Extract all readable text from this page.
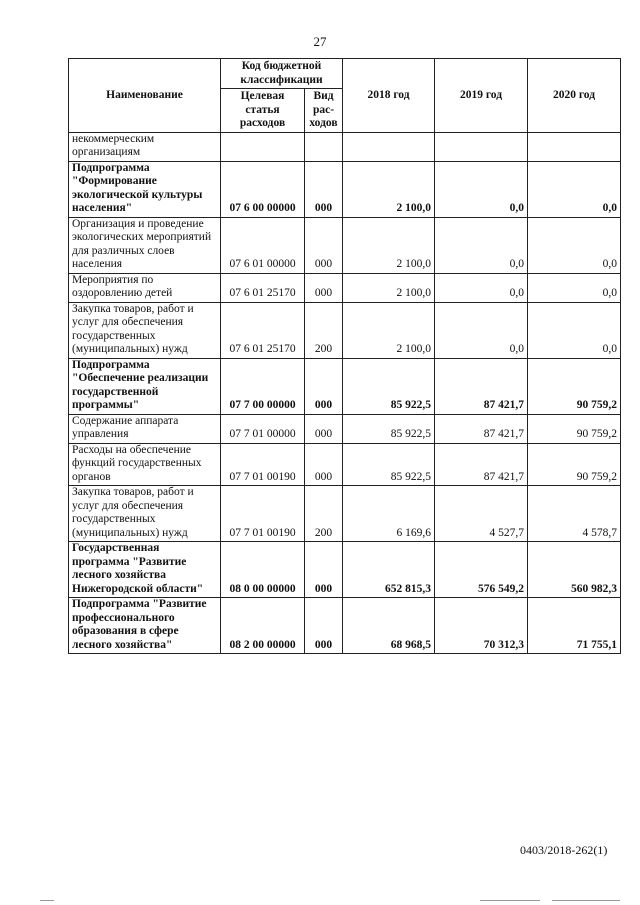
27
Наименование	Код бюджетной классификации		2018 год	2019 год	2020 год
	Целевая статья расходов	Вид рас-ходов			
некоммерческим организациям					
Подпрограмма "Формирование экологической культуры населения"	07 6 00 00000	000	2 100,0	0,0	0,0
Организация и проведение экологических мероприятий для различных слоев населения	07 6 01 00000	000	2 100,0	0,0	0,0
Мероприятия по оздоровлению детей	07 6 01 25170	000	2 100,0	0,0	0,0
Закупка товаров, работ и услуг для обеспечения государственных (муниципальных) нужд	07 6 01 25170	200	2 100,0	0,0	0,0
Подпрограмма "Обеспечение реализации государственной программы"	07 7 00 00000	000	85 922,5	87 421,7	90 759,2
Содержание аппарата управления	07 7 01 00000	000	85 922,5	87 421,7	90 759,2
Расходы на обеспечение функций государственных органов	07 7 01 00190	000	85 922,5	87 421,7	90 759,2
Закупка товаров, работ и услуг для обеспечения государственных (муниципальных) нужд	07 7 01 00190	200	6 169,6	4 527,7	4 578,7
Государственная программа "Развитие лесного хозяйства Нижегородской области"	08 0 00 00000	000	652 815,3	576 549,2	560 982,3
Подпрограмма "Развитие профессионального образования в сфере лесного хозяйства"	08 2 00 00000	000	68 968,5	70 312,3	71 755,1
0403/2018-262(1)
